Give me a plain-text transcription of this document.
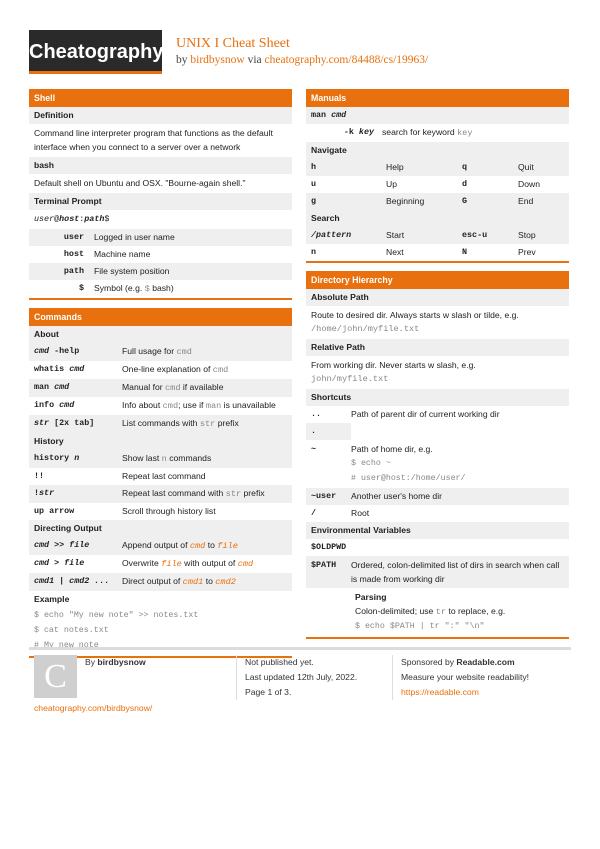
Cheatography UNIX I Cheat Sheet
by birdbysnow via cheatography.com/84488/cs/19963/
Shell
Definition
Command line interpreter program that functions as the default interface when you connect to a server over a network
bash
Default shell on Ubuntu and OSX. "Bourne-again shell."
Terminal Prompt
user@host:path$
user	Logged in user name
host	Machine name
path	File system position
$	Symbol (e.g. $ bash)
Commands
About
cmd -help	Full usage for cmd
whatis cmd	One-line explanation of cmd
man cmd	Manual for cmd if available
info cmd	Info about cmd; use if man is unavailable
str [2x tab]	List commands with str prefix
History
history n	Show last n commands
!!	Repeat last command
!str	Repeat last command with str prefix
up arrow	Scroll through history list
Directing Output
cmd >> file	Append output of cmd to file
cmd > file	Overwrite file with output of cmd
cmd1 | cmd2 ...	Direct output of cmd1 to cmd2
Example
$ echo "My new note" >> notes.txt
$ cat notes.txt
# My new note
Manuals
man cmd
-k key search for keyword key
Navigate
h	Help	q	Quit
u	Up	d	Down
g	Beginning	G	End
Search
/pattern	Start	esc-u	Stop
n	Next	N	Prev
Directory Hierarchy
Absolute Path
Route to desired dir. Always starts w slash or tilde, e.g.
/home/john/myfile.txt
Relative Path
From working dir. Never starts w slash, e.g.
john/myfile.txt
Shortcuts
..	Path of parent dir of current working dir
.
~	Path of home dir, e.g.
$ echo ~
# user@host:/home/user/
~user	Another user's home dir
/	Root
Environmental Variables
$OLDPWD
$PATH	Ordered, colon-delimited list of dirs in search when call is made from working dir
Parsing
Colon-delimited; use tr to replace, e.g.
$ echo $PATH | tr ":" "\n"
C	By birdbysnow	Not published yet.
Last updated 12th July, 2022.
Page 1 of 3.
Sponsored by Readable.com
Measure your website readability!
https://readable.com
cheatography.com/birdbysnow/
